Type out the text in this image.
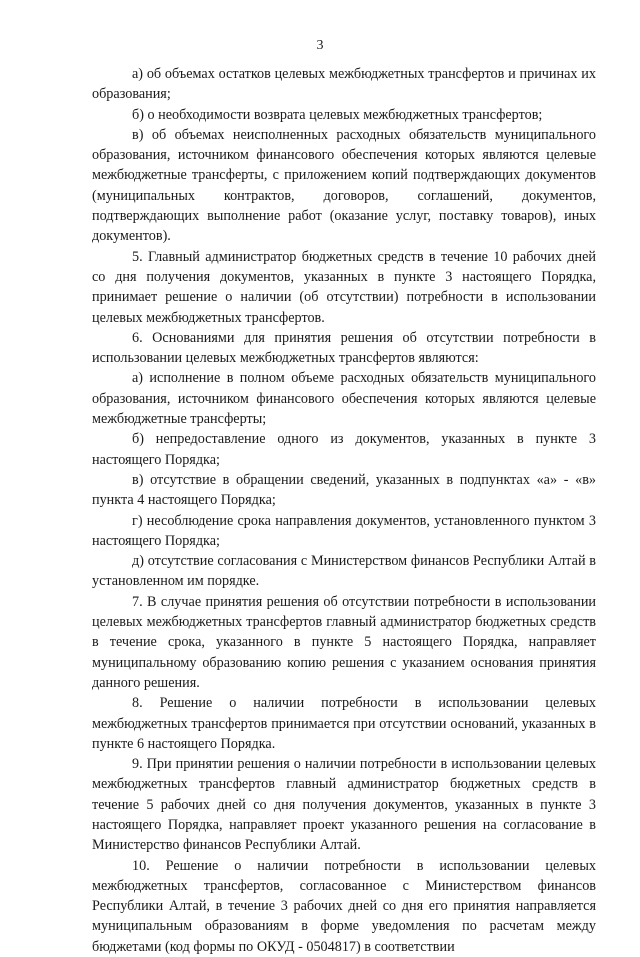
3

а) об объемах остатков целевых межбюджетных трансфертов и причинах их образования;

б) о необходимости возврата целевых межбюджетных трансфертов;

в) об объемах неисполненных расходных обязательств муниципального образования, источником финансового обеспечения которых являются целевые межбюджетные трансферты, с приложением копий подтверждающих документов (муниципальных контрактов, договоров, соглашений, документов, подтверждающих выполнение работ (оказание услуг, поставку товаров), иных документов).

5. Главный администратор бюджетных средств в течение 10 рабочих дней со дня получения документов, указанных в пункте 3 настоящего Порядка, принимает решение о наличии (об отсутствии) потребности в использовании целевых межбюджетных трансфертов.

6. Основаниями для принятия решения об отсутствии потребности в использовании целевых межбюджетных трансфертов являются:

а) исполнение в полном объеме расходных обязательств муниципального образования, источником финансового обеспечения которых являются целевые межбюджетные трансферты;

б) непредоставление одного из документов, указанных в пункте 3 настоящего Порядка;

в) отсутствие в обращении сведений, указанных в подпунктах «а» - «в» пункта 4 настоящего Порядка;

г) несоблюдение срока направления документов, установленного пунктом 3 настоящего Порядка;

д) отсутствие согласования с Министерством финансов Республики Алтай в установленном им порядке.

7. В случае принятия решения об отсутствии потребности в использовании целевых межбюджетных трансфертов главный администратор бюджетных средств в течение срока, указанного в пункте 5 настоящего Порядка, направляет муниципальному образованию копию решения с указанием основания принятия данного решения.

8. Решение о наличии потребности в использовании целевых межбюджетных трансфертов принимается при отсутствии оснований, указанных в пункте 6 настоящего Порядка.

9. При принятии решения о наличии потребности в использовании целевых межбюджетных трансфертов главный администратор бюджетных средств в течение 5 рабочих дней со дня получения документов, указанных в пункте 3 настоящего Порядка, направляет проект указанного решения на согласование в Министерство финансов Республики Алтай.

10. Решение о наличии потребности в использовании целевых межбюджетных трансфертов, согласованное с Министерством финансов Республики Алтай, в течение 3 рабочих дней со дня его принятия направляется муниципальным образованиям в форме уведомления по расчетам между бюджетами (код формы по ОКУД - 0504817) в соответствии
